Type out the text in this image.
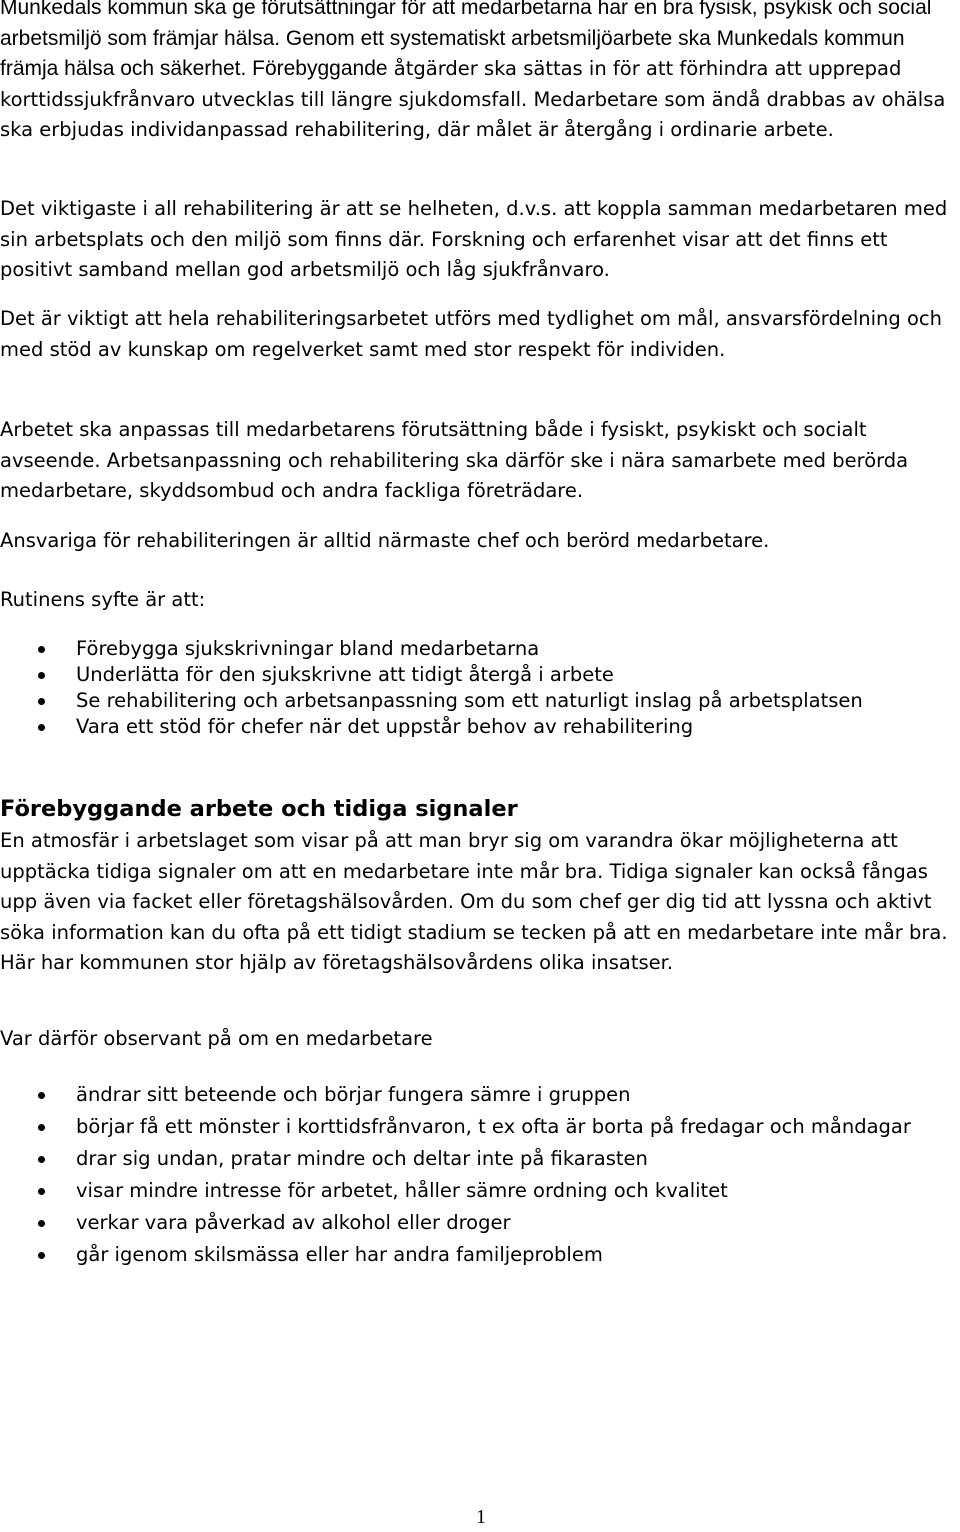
Munkedals kommun ska ge förutsättningar för att medarbetarna har en bra fysisk, psykisk och social arbetsmiljö som främjar hälsa. Genom ett systematiskt arbetsmiljöarbete ska Munkedals kommun främja hälsa och säkerhet. Förebyggande åtgärder ska sättas in för att förhindra att upprepad korttidssjukfrånvaro utvecklas till längre sjukdomsfall. Medarbetare som ändå drabbas av ohälsa ska erbjudas individanpassad rehabilitering, där målet är återgång i ordinarie arbete.

Det viktigaste i all rehabilitering är att se helheten, d.v.s. att koppla samman medarbetaren med sin arbetsplats och den miljö som finns där. Forskning och erfarenhet visar att det finns ett positivt samband mellan god arbetsmiljö och låg sjukfrånvaro.

Det är viktigt att hela rehabiliteringsarbetet utförs med tydlighet om mål, ansvarsfördelning och med stöd av kunskap om regelverket samt med stor respekt för individen.

Arbetet ska anpassas till medarbetarens förutsättning både i fysiskt, psykiskt och socialt avseende. Arbetsanpassning och rehabilitering ska därför ske i nära samarbete med berörda medarbetare, skyddsombud och andra fackliga företrädare.

Ansvariga för rehabiliteringen är alltid närmaste chef och berörd medarbetare.

Rutinens syfte är att:

Förebygga sjukskrivningar bland medarbetarna
Underlätta för den sjukskrivne att tidigt återgå i arbete
Se rehabilitering och arbetsanpassning som ett naturligt inslag på arbetsplatsen
Vara ett stöd för chefer när det uppstår behov av rehabilitering
Förebyggande arbete och tidiga signaler

En atmosfär i arbetslaget som visar på att man bryr sig om varandra ökar möjligheterna att upptäcka tidiga signaler om att en medarbetare inte mår bra. Tidiga signaler kan också fångas upp även via facket eller företagshälsovården. Om du som chef ger dig tid att lyssna och aktivt söka information kan du ofta på ett tidigt stadium se tecken på att en medarbetare inte mår bra. Här har kommunen stor hjälp av företagshälsovårdens olika insatser.

Var därför observant på om en medarbetare

ändrar sitt beteende och börjar fungera sämre i gruppen
börjar få ett mönster i korttidsfrånvaron, t ex ofta är borta på fredagar och måndagar
drar sig undan, pratar mindre och deltar inte på fikarasten
visar mindre intresse för arbetet, håller sämre ordning och kvalitet
verkar vara påverkad av alkohol eller droger
går igenom skilsmässa eller har andra familjeproblem
1
